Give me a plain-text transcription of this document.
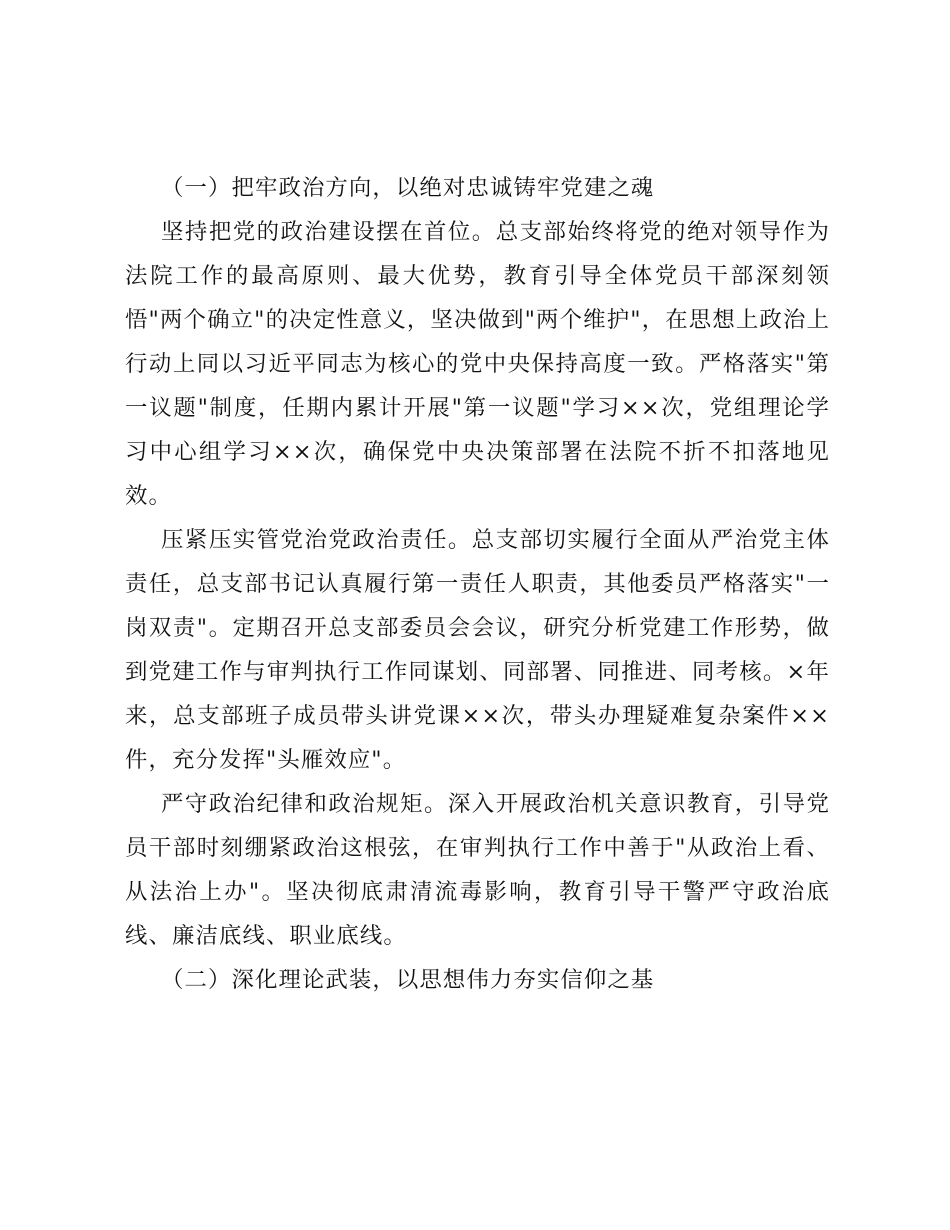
（一）把牢政治方向，以绝对忠诚铸牢党建之魂

坚持把党的政治建设摆在首位。总支部始终将党的绝对领导作为法院工作的最高原则、最大优势，教育引导全体党员干部深刻领悟"两个确立"的决定性意义，坚决做到"两个维护"，在思想上政治上行动上同以习近平同志为核心的党中央保持高度一致。严格落实"第一议题"制度，任期内累计开展"第一议题"学习××次，党组理论学习中心组学习××次，确保党中央决策部署在法院不折不扣落地见效。

压紧压实管党治党政治责任。总支部切实履行全面从严治党主体责任，总支部书记认真履行第一责任人职责，其他委员严格落实"一岗双责"。定期召开总支部委员会会议，研究分析党建工作形势，做到党建工作与审判执行工作同谋划、同部署、同推进、同考核。×年来，总支部班子成员带头讲党课××次，带头办理疑难复杂案件××件，充分发挥"头雁效应"。

严守政治纪律和政治规矩。深入开展政治机关意识教育，引导党员干部时刻绷紧政治这根弦，在审判执行工作中善于"从政治上看、从法治上办"。坚决彻底肃清流毒影响，教育引导干警严守政治底线、廉洁底线、职业底线。

（二）深化理论武装，以思想伟力夯实信仰之基
